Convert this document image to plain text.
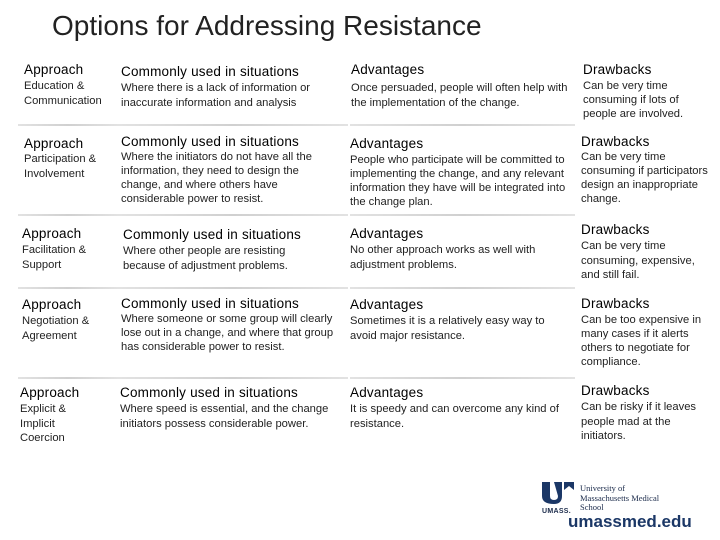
Options for Addressing Resistance
Approach
Education & Communication
Commonly used in situations
Where there is a lack of information or inaccurate information and analysis
Advantages
Once persuaded, people will often help with the implementation of the change.
Drawbacks
Can be very time consuming if lots of people are involved.
Approach
Participation & Involvement
Commonly used in situations
Where the initiators do not have all the information, they need to design the change, and where others have considerable power to resist.
Advantages
People who participate will be committed to implementing the change, and any relevant information they have will be integrated into the change plan.
Drawbacks
Can be very time consuming if participators design an inappropriate change.
Approach
Facilitation & Support
Commonly used in situations
Where other people are resisting because of adjustment problems.
Advantages
No other approach works as well with adjustment problems.
Drawbacks
Can be very time consuming, expensive, and still fail.
Approach
Negotiation & Agreement
Commonly used in situations
Where someone or some group will clearly lose out in a change, and where that group has considerable power to resist.
Advantages
Sometimes it is a relatively easy way to avoid major resistance.
Drawbacks
Can be too expensive in many cases if it alerts others to negotiate for compliance.
Approach
Explicit & Implicit Coercion
Commonly used in situations
Where speed is essential, and the change initiators possess considerable power.
Advantages
It is speedy and can overcome any kind of resistance.
Drawbacks
Can be risky if it leaves people mad at the initiators.
UMASS.
University of Massachusetts Medical School
umassmed.edu
